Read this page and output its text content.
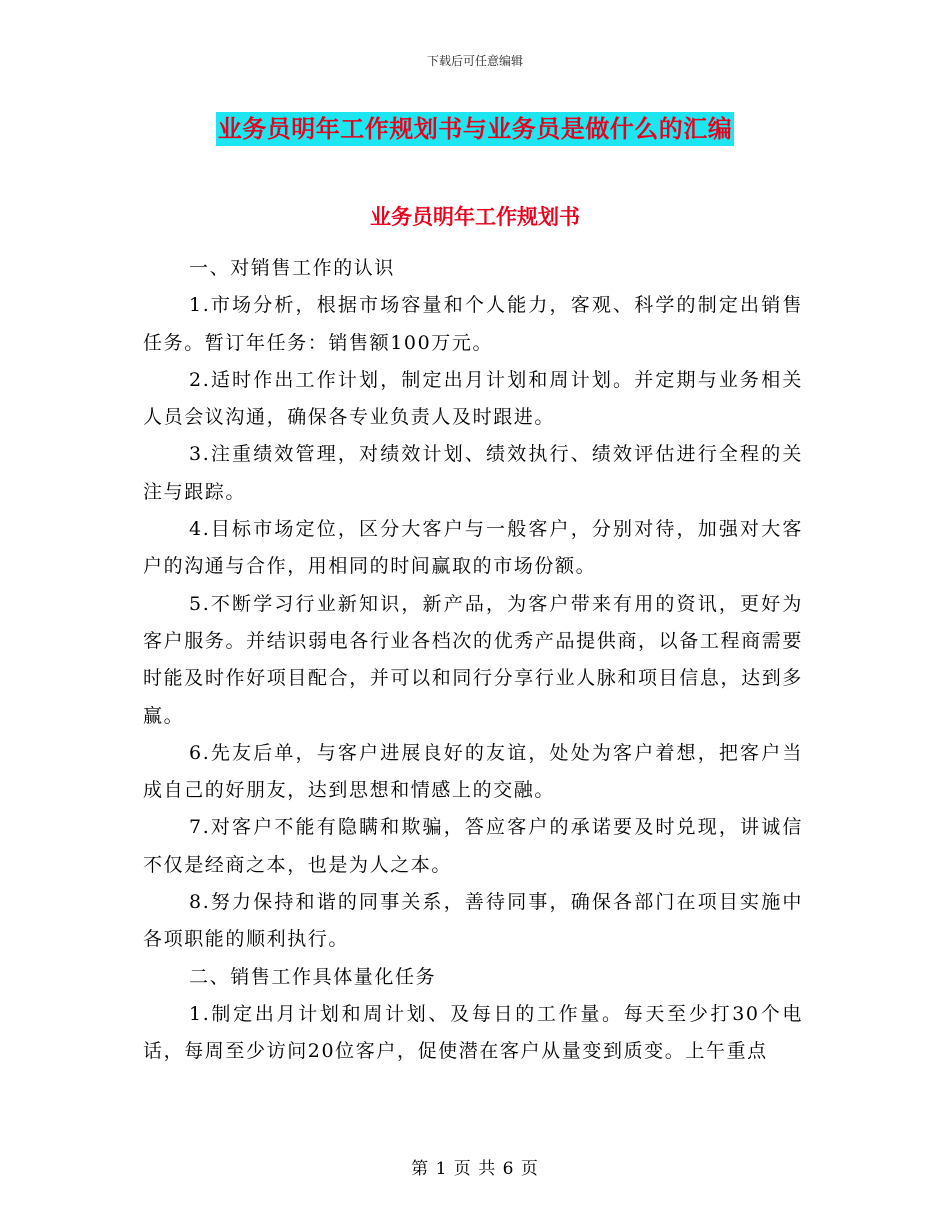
下载后可任意编辑
业务员明年工作规划书与业务员是做什么的汇编
业务员明年工作规划书

一、对销售工作的认识

1.市场分析，根据市场容量和个人能力，客观、科学的制定出销售任务。暂订年任务：销售额100万元。

2.适时作出工作计划，制定出月计划和周计划。并定期与业务相关人员会议沟通，确保各专业负责人及时跟进。

3.注重绩效管理，对绩效计划、绩效执行、绩效评估进行全程的关注与跟踪。

4.目标市场定位，区分大客户与一般客户，分别对待，加强对大客户的沟通与合作，用相同的时间赢取的市场份额。

5.不断学习行业新知识，新产品，为客户带来有用的资讯，更好为客户服务。并结识弱电各行业各档次的优秀产品提供商，以备工程商需要时能及时作好项目配合，并可以和同行分享行业人脉和项目信息，达到多赢。

6.先友后单，与客户进展良好的友谊，处处为客户着想，把客户当成自己的好朋友，达到思想和情感上的交融。

7.对客户不能有隐瞒和欺骗，答应客户的承诺要及时兑现，讲诚信不仅是经商之本，也是为人之本。

8.努力保持和谐的同事关系，善待同事，确保各部门在项目实施中各项职能的顺利执行。

二、销售工作具体量化任务

1.制定出月计划和周计划、及每日的工作量。每天至少打30个电话，每周至少访问20位客户，促使潜在客户从量变到质变。上午重点

第 1 页 共 6 页
